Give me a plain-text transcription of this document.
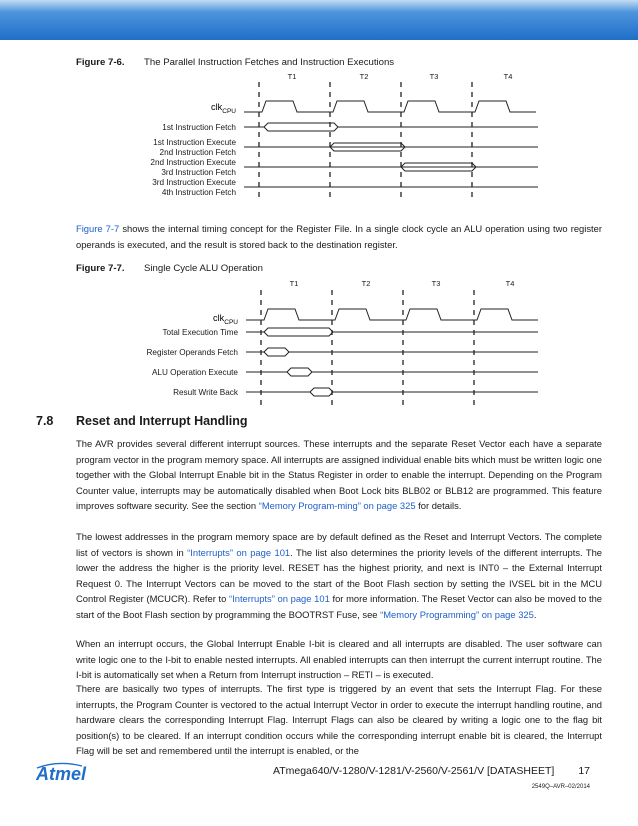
Figure 7-6. The Parallel Instruction Fetches and Instruction Executions
T1	T2	T3	T4
clk$_{CPU}$
1st Instruction Fetch
1st Instruction Execute
2nd Instruction Fetch
2nd Instruction Execute
3rd Instruction Fetch
3rd Instruction Execute
4th Instruction Fetch

Figure 7-7 shows the internal timing concept for the Register File. In a single clock cycle an ALU operation using two register operands is executed, and the result is stored back to the destination register.

Figure 7-7. Single Cycle ALU Operation
T1	T2	T3	T4
clk$_{CPU}$
Total Execution Time
Register Operands Fetch
ALU Operation Execute
Result Write Back
7.8 Reset and Interrupt Handling

The AVR provides several different interrupt sources. These interrupts and the separate Reset Vector each have a separate program vector in the program memory space. All interrupts are assigned individual enable bits which must be written logic one together with the Global Interrupt Enable bit in the Status Register in order to enable the interrupt. Depending on the Program Counter value, interrupts may be automatically disabled when Boot Lock bits BLB02 or BLB12 are programmed. This feature improves software security. See the section “Memory Program-ming” on page 325 for details.

The lowest addresses in the program memory space are by default defined as the Reset and Interrupt Vectors. The complete list of vectors is shown in “Interrupts” on page 101. The list also determines the priority levels of the different interrupts. The lower the address the higher is the priority level. RESET has the highest priority, and next is INT0 – the External Interrupt Request 0. The Interrupt Vectors can be moved to the start of the Boot Flash section by setting the IVSEL bit in the MCU Control Register (MCUCR). Refer to “Interrupts” on page 101 for more information. The Reset Vector can also be moved to the start of the Boot Flash section by programming the BOOTRST Fuse, see “Memory Programming” on page 325.

When an interrupt occurs, the Global Interrupt Enable I-bit is cleared and all interrupts are disabled. The user software can write logic one to the I-bit to enable nested interrupts. All enabled interrupts can then interrupt the current interrupt routine. The I-bit is automatically set when a Return from Interrupt instruction – RETI – is executed.

There are basically two types of interrupts. The first type is triggered by an event that sets the Interrupt Flag. For these interrupts, the Program Counter is vectored to the actual Interrupt Vector in order to execute the interrupt handling routine, and hardware clears the corresponding Interrupt Flag. Interrupt Flags can also be cleared by writing a logic one to the flag bit position(s) to be cleared. If an interrupt condition occurs while the corresponding interrupt enable bit is cleared, the Interrupt Flag will be set and remembered until the interrupt is enabled, or the

Atmel	ATmega640/V-1280/V-1281/V-2560/V-2561/V [DATASHEET] 17
2549Q–AVR–02/2014
